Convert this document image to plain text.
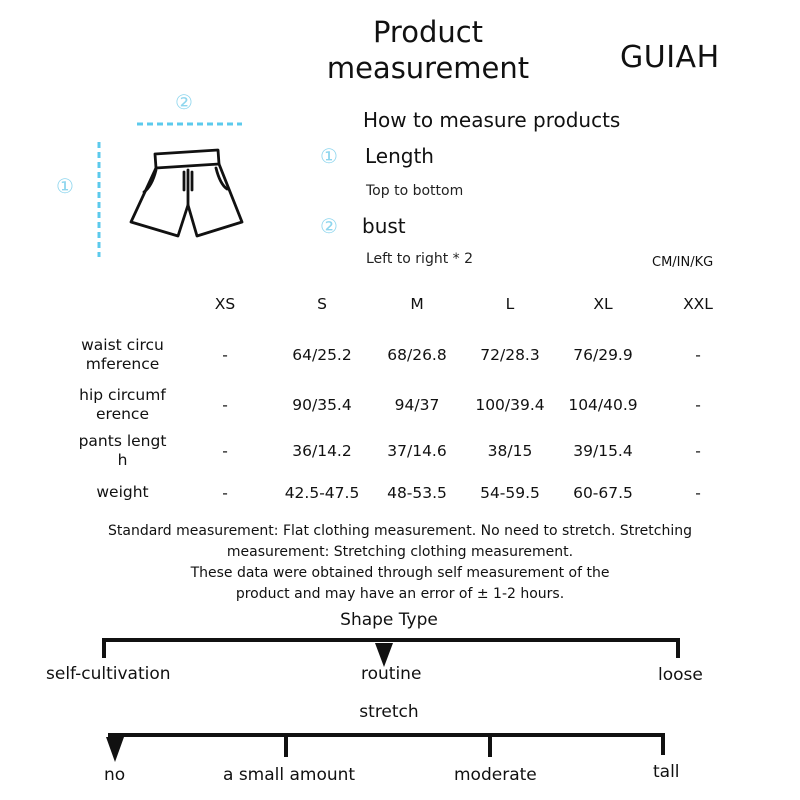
Product measurement	GUIAH
②
①
How to measure products
① Length
Top to bottom
② bust
Left to right * 2	CM/IN/KG
XS	S	M	L	XL	XXL
waist circu
mference	-	64/25.2	68/26.8	72/28.3	76/29.9	-
hip circumf
erence	-	90/35.4	94/37	100/39.4	104/40.9	-
pants lengt
h	-	36/14.2	37/14.6	38/15	39/15.4	-
weight	-	42.5-47.5	48-53.5	54-59.5	60-67.5	-
Standard measurement: Flat clothing measurement. No need to stretch. Stretching
measurement: Stretching clothing measurement.
These data were obtained through self measurement of the
product and may have an error of ± 1-2 hours.
Shape Type
self-cultivation	routine	loose
stretch
no	a small amount	moderate	tall
